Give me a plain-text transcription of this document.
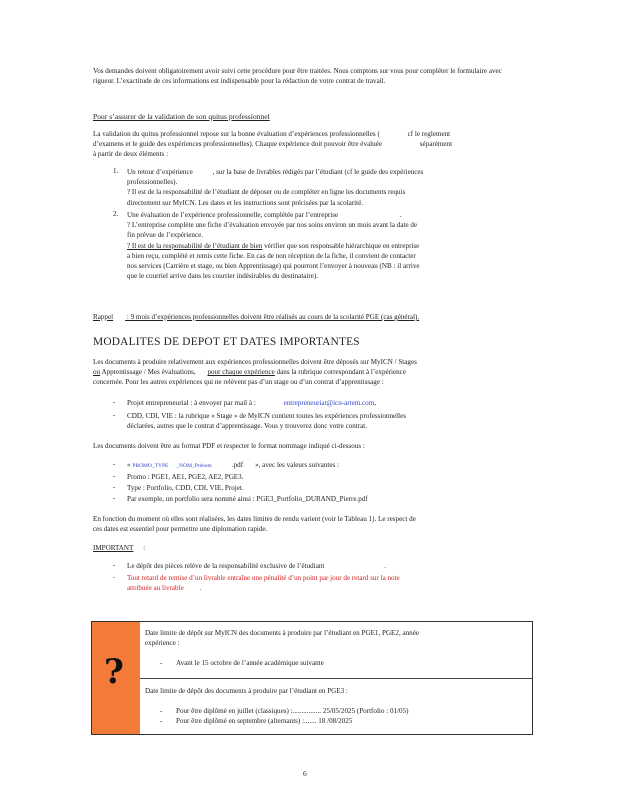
Vos demandes doivent obligatoirement avoir suivi cette procédure pour être traitées. Nous comptons sur vous pour compléter le formulaire avec rigueur. L’exactitude de ces informations est indispensable pour la rédaction de votre contrat de travail.
Pour s’assurer de la validation de son quitus professionnel
La validation du quitus professionnel repose sur la bonne évaluation d’expériences professionnelles (	cf le reglement
d’examens et le guide des expériences professionnelles). Chaque expérience doit pouvoir être évaluée	séparément
à partir de deux éléments :
1. Un retour d’expérience	, sur la base de livrables rédigés par l’étudiant (cf le guide des expériences
professionnelles).
? Il est de la responsabilité de l’étudiant de déposer ou de compléter en ligne les documents requis
directement sur MyICN. Les dates et les instructions sont précisées par la scolarité.
2. Une évaluation de l’expérience professionnelle, complétée par l’entreprise	.
? L’entreprise complète une fiche d’évaluation envoyée par nos soins environ un mois avant la date de
fin prévue de l’expérience.
? Il est de la responsabilité de l’étudiant de bien vérifier que son responsable hiérarchique en entreprise
a bien reçu, complété et remis cette fiche. En cas de non réception de la fiche, il convient de contacter
nos services (Carrière et stage, ou bien Apprentissage) qui pourront l’envoyer à nouveau (NB : il arrive
que le courriel arrive dans les courrier indésirables du destinataire).
Rappel : 9 mois d’expériences professionnelles doivent être réalisés au cours de la scolarité PGE (cas général).
MODALITES DE DEPOT ET DATES IMPORTANTES
Les documents à produire relativement aux expériences professionnelles doivent être déposés sur MyICN / Stages
ou Apprentissage / Mes évaluations, pour chaque expérience dans la rubrique correspondant à l’expérience
concernée. Pour les autres expériences qui ne relèvent pas d’un stage ou d’un contrat d’apprentissage :
- Projet entrepreneurial : à envoyer par mail à :	entrepreneuriat@icn-artem.com,
- CDD, CDI, VIE : la rubrique « Stage » de MyICN contient toutes les expériences professionnelles
déclarées, autres que le contrat d’apprentissage. Vous y trouverez donc votre contrat.
Les documents doivent être au format PDF et respecter le format nommage indiqué ci-dessous :
- « PROMO_TYPE _NOM_Prénom	.pdf », avec les valeurs suivantes :
- Promo : PGE1, AE1, PGE2, AE2, PGE3.
- Type : Portfolio, CDD, CDI, VIE, Projet.
- Par exemple, un portfolio sera nommé ainsi : PGE3_Portfolio_DURAND_Pierre.pdf
En fonction du moment où elles sont réalisées, les dates limites de rendu varient (voir le Tableau 1). Le respect de
ces dates est essentiel pour permettre une diplomation rapide.
IMPORTANT :
- Le dépôt des pièces relève de la responsabilité exclusive de l’étudiant	.
- Tout retard de remise d’un livrable entraîne une pénalité d’un point par jour de retard sur la note
attribuée au livrable .
?
Date limite de dépôt sur MyICN des documents à produire par l’étudiant en PGE1, PGE2, année
expérience :
- Avant le 15 octobre de l’année académique suivante
Date limite de dépôt des documents à produire par l’étudiant en PGE3 :
- Pour être diplômé en juillet (classiques) :................ 25/05/2025 (Portfolio : 01/05)
- Pour être diplômé en septembre (alternants) :....... 18 /08/2025
6
